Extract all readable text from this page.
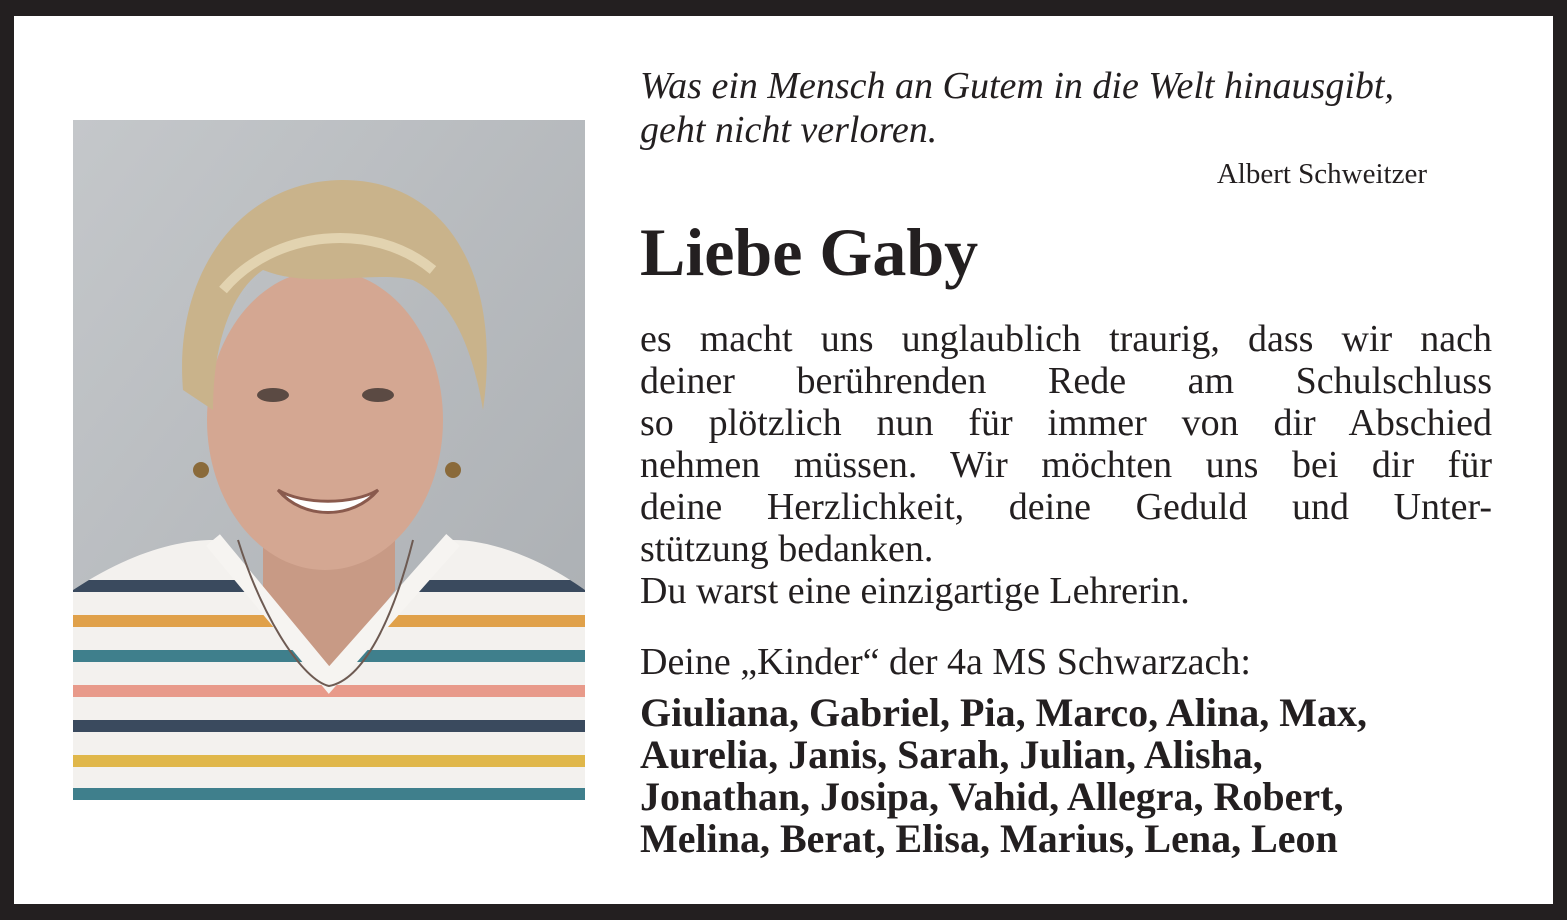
Was ein Mensch an Gutem in die Welt hinausgibt,
geht nicht verloren.
Albert Schweitzer
Liebe Gaby
es macht uns unglaublich traurig, dass wir nach
deiner berührenden Rede am Schulschluss
so plötzlich nun für immer von dir Abschied
nehmen müssen. Wir möchten uns bei dir für
deine Herzlichkeit, deine Geduld und Unter-
stützung bedanken.
Du warst eine einzigartige Lehrerin.

Deine „Kinder“ der 4a MS Schwarzach:

Giuliana, Gabriel, Pia, Marco, Alina, Max,
Aurelia, Janis, Sarah, Julian, Alisha,
Jonathan, Josipa, Vahid, Allegra, Robert,
Melina, Berat, Elisa, Marius, Lena, Leon
